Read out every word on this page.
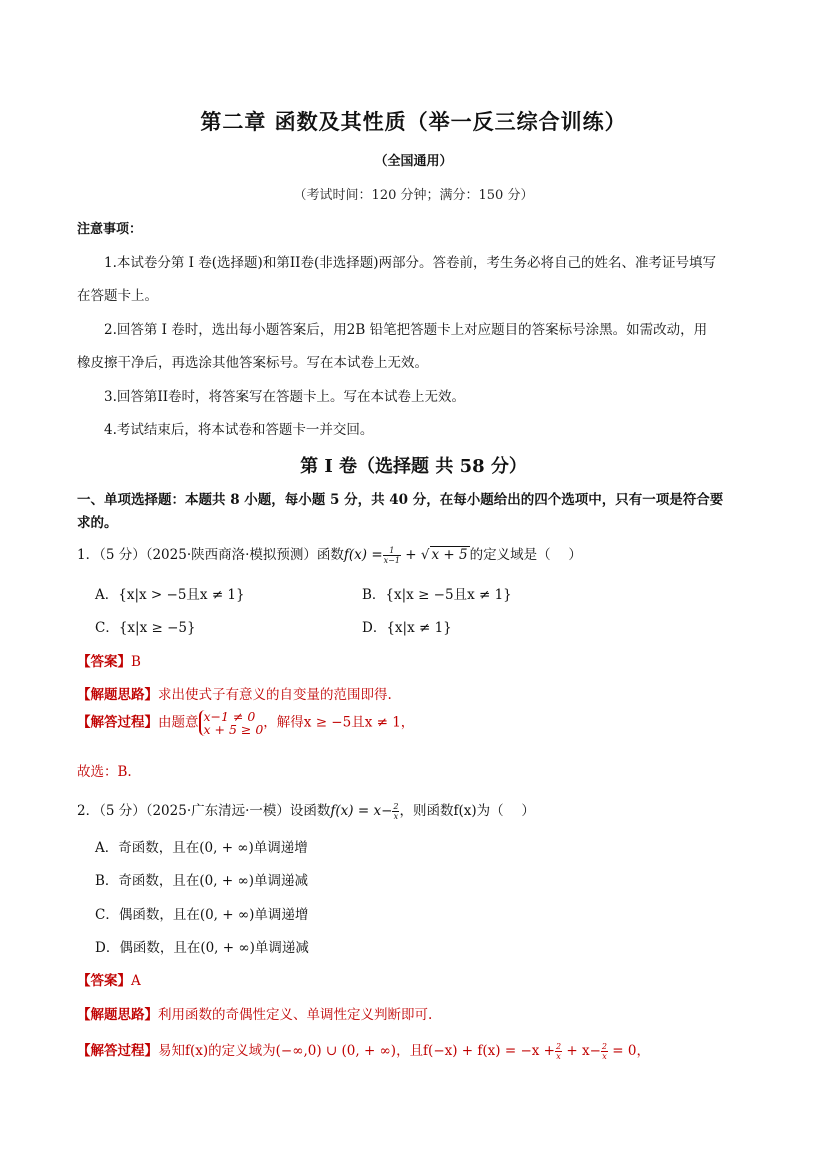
第二章 函数及其性质（举一反三综合训练）
（全国通用）
（考试时间：120 分钟；满分：150 分）
注意事项：
1.本试卷分第 I 卷(选择题)和第II卷(非选择题)两部分。答卷前，考生务必将自己的姓名、准考证号填写
在答题卡上。
2.回答第 I 卷时，选出每小题答案后，用2B 铅笔把答题卡上对应题目的答案标号涂黑。如需改动，用
橡皮擦干净后，再选涂其他答案标号。写在本试卷上无效。
3.回答第II卷时，将答案写在答题卡上。写在本试卷上无效。
4.考试结束后，将本试卷和答题卡一并交回。
第 I 卷（选择题 共 58 分）
一、单项选择题：本题共 8 小题，每小题 5 分，共 40 分，在每小题给出的四个选项中，只有一项是符合要
求的。
1．（5 分）（2025·陕西商洛·模拟预测）函数$f(x) = \frac{1}{x-1}$ + √ x + 5 的定义域是（　 ）
A．{x|x > −5且x ≠ 1}	B．{x|x ≥ −5且x ≠ 1}
C．{x|x ≥ −5}	D．{x|x ≠ 1}
【答案】B
【解题思路】求出使式子有意义的自变量的范围即得.
【解答过程】由题意 x−1 ≠ 0
x + 5 ≥ 0 ，解得x ≥ −5且x ≠ 1，
故选：B.
2．（5 分）（2025·广东清远·一模）设函数$f(x) = x- \frac{2}{x}$ ，则函数f(x)为（　 ）
A．奇函数，且在(0, + ∞)单调递增
B．奇函数，且在(0, + ∞)单调递减
C．偶函数，且在(0, + ∞)单调递增
D．偶函数，且在(0, + ∞)单调递减
【答案】A
【解题思路】利用函数的奇偶性定义、单调性定义判断即可.
【解答过程】易知f(x)的定义域为(−∞,0) ∪ (0, + ∞)，且$f(-x) + f(x) = -x + \frac{2}{x} + x- \frac{2}{x} = 0$，
